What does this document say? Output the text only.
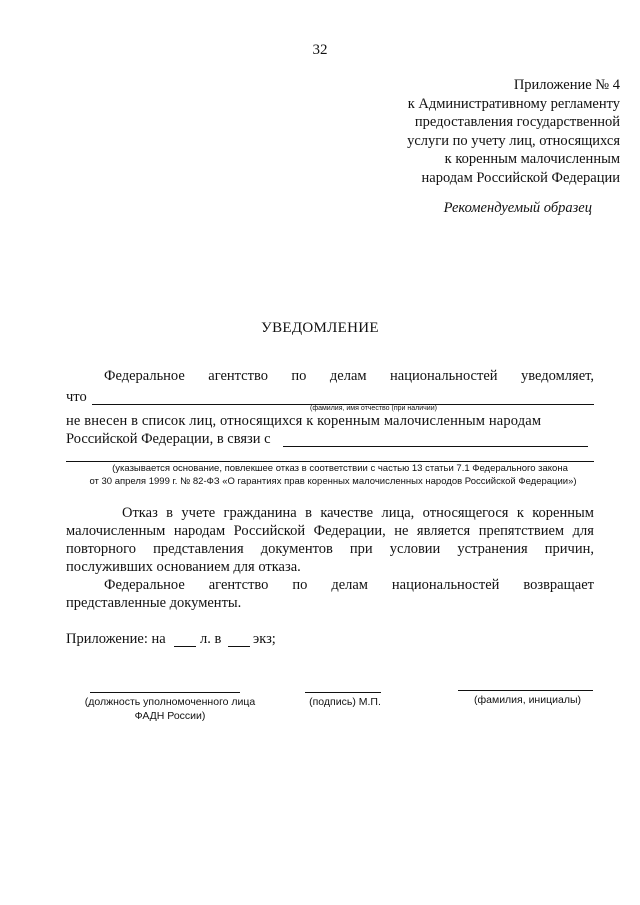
32
Приложение № 4
к Административному регламенту
предоставления государственной
услуги по учету лиц, относящихся
к коренным малочисленным
народам Российской Федерации
Рекомендуемый образец
УВЕДОМЛЕНИЕ
Федеральное агентство по делам национальностей уведомляет,
что
(фамилия, имя отчество (при наличии)
не внесен в список лиц, относящихся к коренным малочисленным народам
Российской Федерации, в связи с
(указывается основание, повлекшее отказ в соответствии с частью 13 статьи 7.1 Федерального закона
от 30 апреля 1999 г. № 82-ФЗ «О гарантиях прав коренных малочисленных народов Российской Федерации»)
Отказ в учете гражданина в качестве лица, относящегося к коренным
малочисленным народам Российской Федерации, не является препятствием для
повторного представления документов при условии устранения причин,
послуживших основанием для отказа.
Федеральное агентство по делам национальностей возвращает
представленные документы.
Приложение: на л. в экз;
(должность уполномоченного лица
ФАДН России)
(подпись) М.П.	(фамилия, инициалы)
